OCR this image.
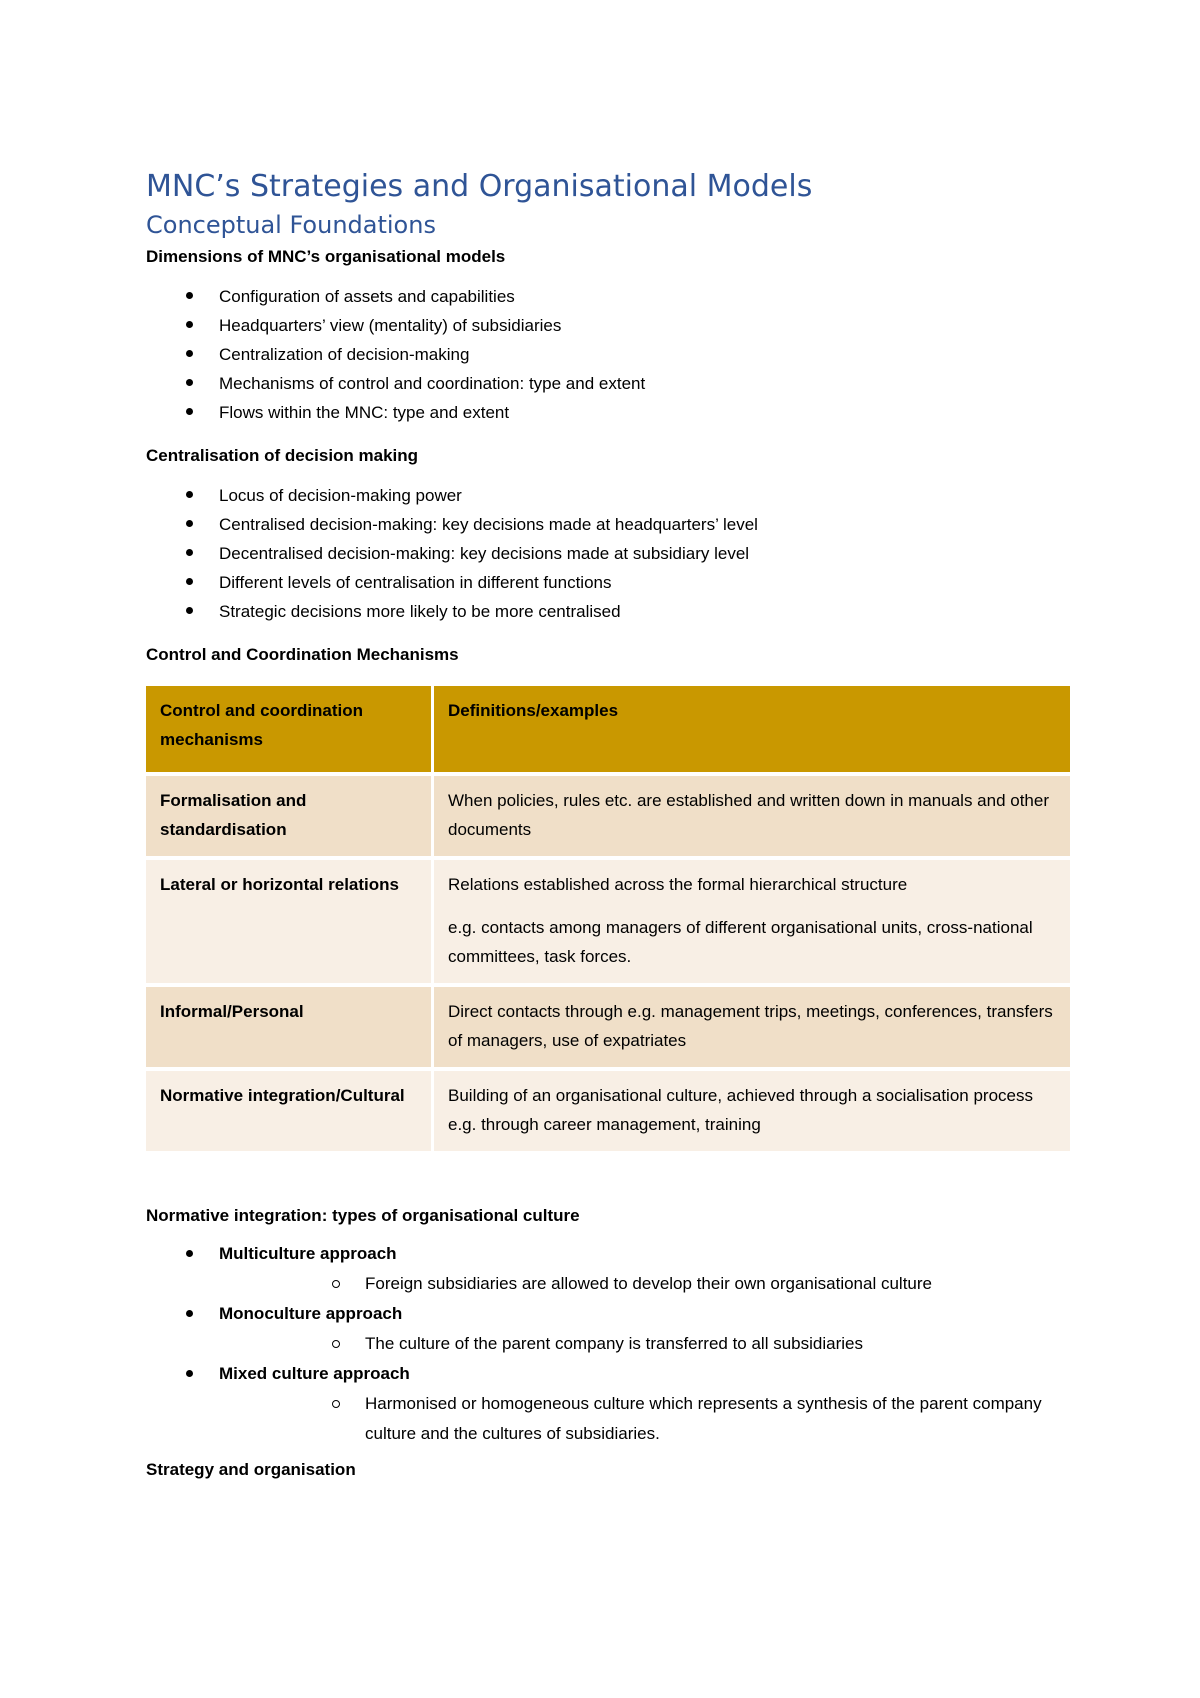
MNC’s Strategies and Organisational Models
Conceptual Foundations
Dimensions of MNC’s organisational models
Configuration of assets and capabilities
Headquarters’ view (mentality) of subsidiaries
Centralization of decision-making
Mechanisms of control and coordination: type and extent
Flows within the MNC: type and extent
Centralisation of decision making
Locus of decision-making power
Centralised decision-making: key decisions made at headquarters’ level
Decentralised decision-making: key decisions made at subsidiary level
Different levels of centralisation in different functions
Strategic decisions more likely to be more centralised
Control and Coordination Mechanisms
Control and coordination mechanisms	Definitions/examples
Formalisation and standardisation	When policies, rules etc. are established and written down in manuals and other documents

Lateral or horizontal relations	Relations established across the formal hierarchical structure

e.g. contacts among managers of different organisational units, cross-national committees, task forces.

Informal/Personal	Direct contacts through e.g. management trips, meetings, conferences, transfers of managers, use of expatriates

Normative integration/Cultural	Building of an organisational culture, achieved through a socialisation process e.g. through career management, training

Normative integration: types of organisational culture
Multiculture approach
Foreign subsidiaries are allowed to develop their own organisational culture
Monoculture approach
The culture of the parent company is transferred to all subsidiaries
Mixed culture approach
Harmonised or homogeneous culture which represents a synthesis of the parent company culture and the cultures of subsidiaries.
Strategy and organisation
